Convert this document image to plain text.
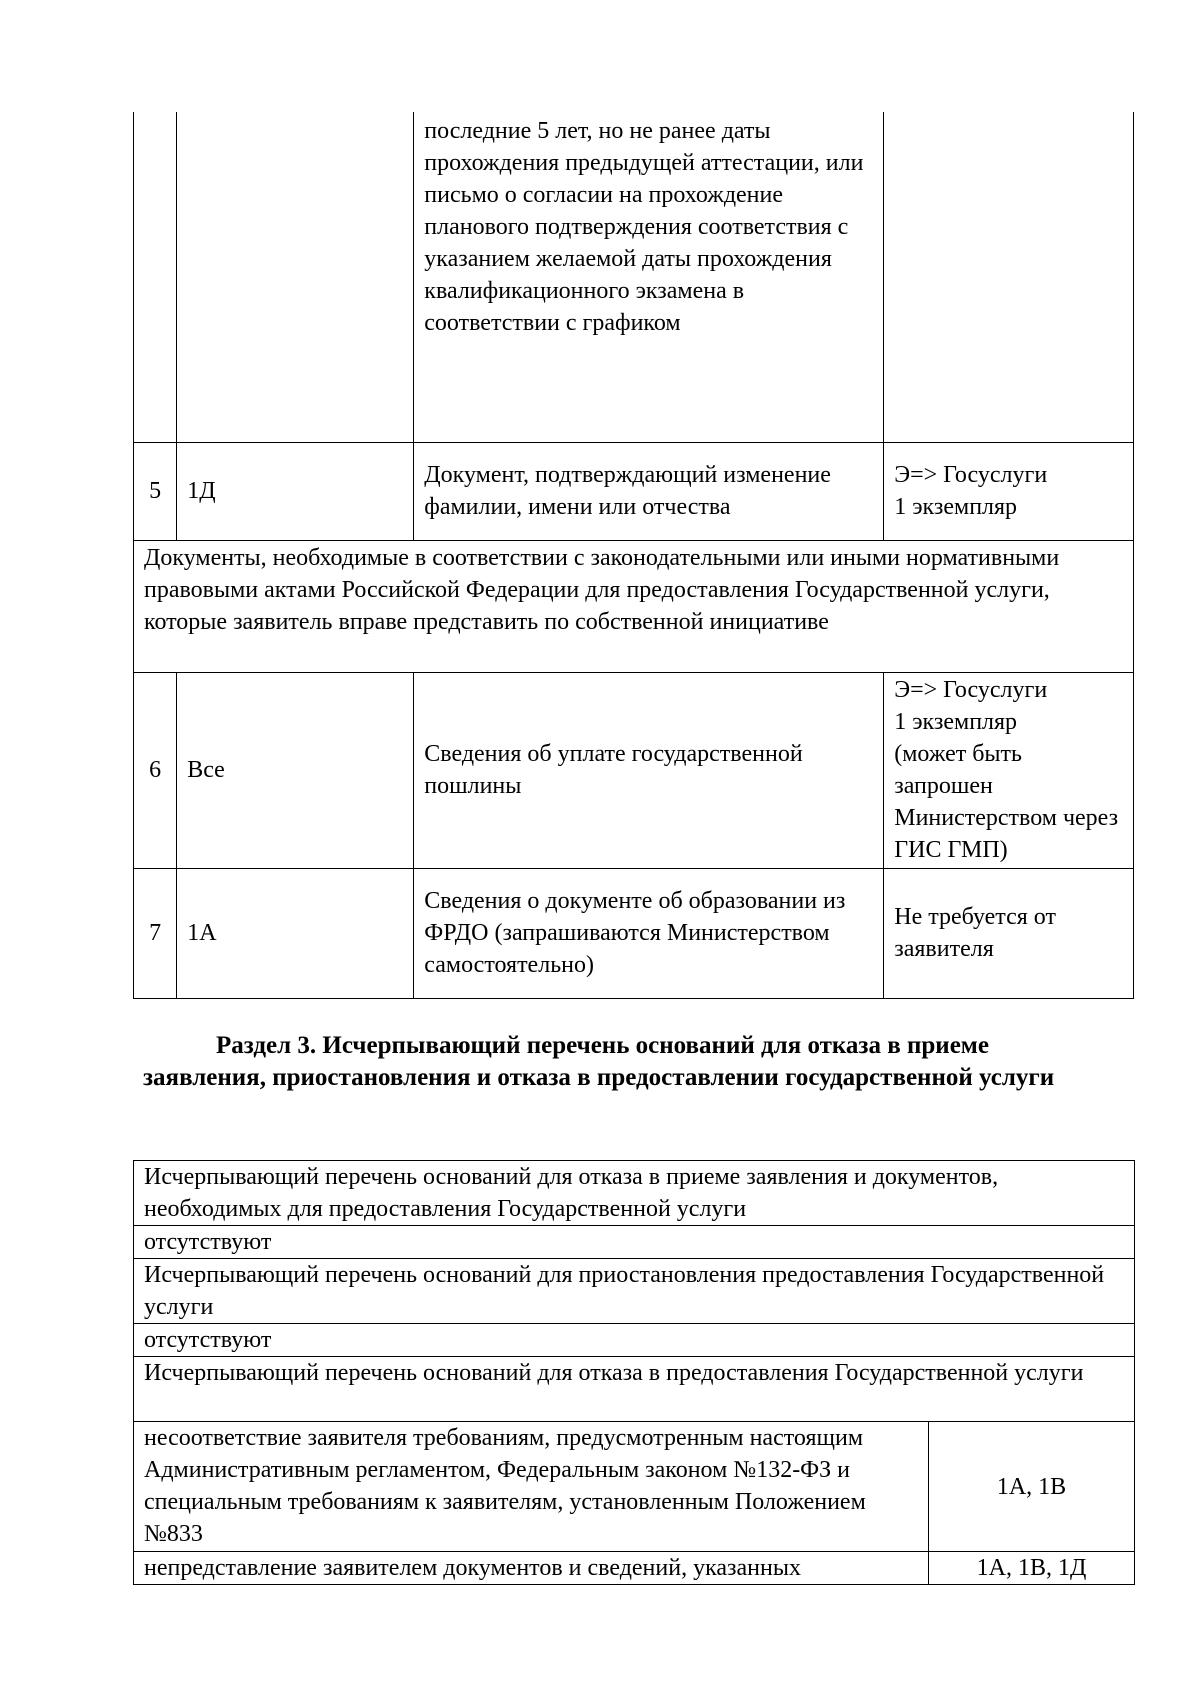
		последние 5 лет, но не ранее даты прохождения предыдущей аттестации, или
письмо о согласии на прохождение планового подтверждения соответствия с указанием желаемой даты прохождения квалификационного экзамена в соответствии с графиком	
5	1Д	Документ, подтверждающий изменение фамилии, имени или отчества	Э=> Госуслуги
1 экземпляр
Документы, необходимые в соответствии с законодательными или иными нормативными правовыми актами Российской Федерации для предоставления Государственной услуги, которые заявитель вправе представить по собственной инициативе			
6	Все	Сведения об уплате государственной пошлины	Э=> Госуслуги
1 экземпляр
(может быть запрошен Министерством через ГИС ГМП)
7	1А	Сведения о документе об образовании из ФРДО (запрашиваются Министерством самостоятельно)	Не требуется от заявителя
Раздел 3. Исчерпывающий перечень оснований для отказа в приеме заявления, приостановления и отказа в предоставлении государственной услуги
Исчерпывающий перечень оснований для отказа в приеме заявления и документов, необходимых для предоставления Государственной услуги	
отсутствуют	
Исчерпывающий перечень оснований для приостановления предоставления Государственной услуги	
отсутствуют	
Исчерпывающий перечень оснований для отказа в предоставления Государственной услуги	
несоответствие заявителя требованиям, предусмотренным настоящим Административным регламентом, Федеральным законом №132-ФЗ и специальным требованиям к заявителям, установленным Положением №833	1А, 1В
непредставление заявителем документов и сведений, указанных	1А, 1В, 1Д
